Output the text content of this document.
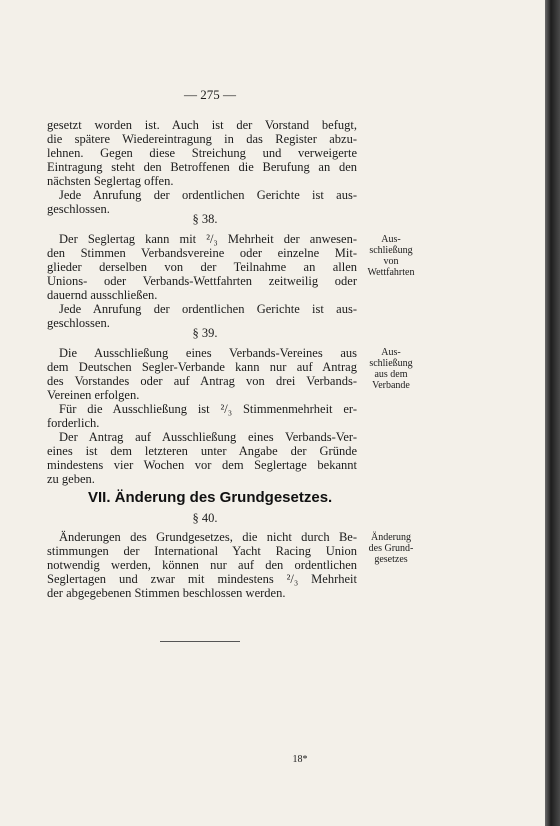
— 275 —
gesetzt worden ist. Auch ist der Vorstand befugt,
die spätere Wiedereintragung in das Register abzu-
lehnen. Gegen diese Streichung und verweigerte
Eintragung steht den Betroffenen die Berufung an den
nächsten Seglertag offen.
Jede Anrufung der ordentlichen Gerichte ist aus-
geschlossen.
§ 38.
Der Seglertag kann mit ²/₃ Mehrheit der anwesen-
den Stimmen Verbandsvereine oder einzelne Mit-
glieder derselben von der Teilnahme an allen
Unions- oder Verbands-Wettfahrten zeitweilig oder
dauernd ausschließen.
Jede Anrufung der ordentlichen Gerichte ist aus-
geschlossen.
Aus-
schließung
von
Wettfahrten
§ 39.
Die Ausschließung eines Verbands-Vereines aus
dem Deutschen Segler-Verbande kann nur auf Antrag
des Vorstandes oder auf Antrag von drei Verbands-
Vereinen erfolgen.
Für die Ausschließung ist ²/₃ Stimmenmehrheit er-
forderlich.
Der Antrag auf Ausschließung eines Verbands-Ver-
eines ist dem letzteren unter Angabe der Gründe
mindestens vier Wochen vor dem Seglertage bekannt
zu geben.
Aus-
schließung
aus dem
Verbande
VII. Änderung des Grundgesetzes.
§ 40.
Änderungen des Grundgesetzes, die nicht durch Be-
stimmungen der International Yacht Racing Union
notwendig werden, können nur auf den ordentlichen
Seglertagen und zwar mit mindestens ²/₃ Mehrheit
der abgegebenen Stimmen beschlossen werden.
Änderung
des Grund-
gesetzes
18*
